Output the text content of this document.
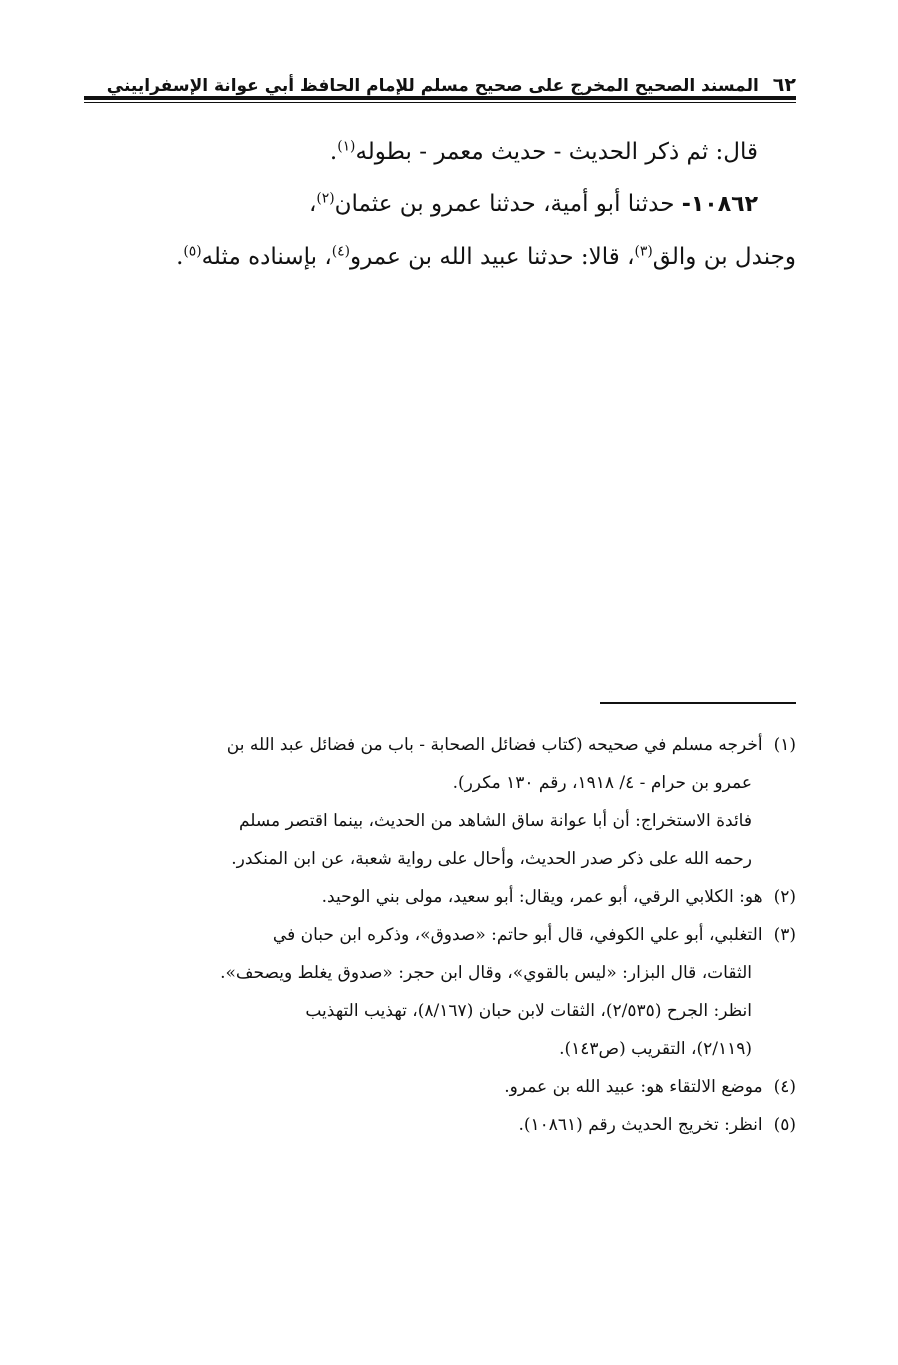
٦٢
المسند الصحيح المخرج على صحيح مسلم للإمام الحافظ أبي عوانة الإسفراييني

قال: ثم ذكر الحديث - حديث معمر - بطوله$^{(١)}$.

١٠٨٦٢- حدثنا أبو أمية، حدثنا عمرو بن عثمان$^{(٢)}$،

وجندل بن والق$^{(٣)}$، قالا: حدثنا عبيد الله بن عمرو$^{(٤)}$، بإسناده مثله$^{(٥)}$.

(١) أخرجه مسلم في صحيحه (كتاب فضائل الصحابة - باب من فضائل عبد الله بن

عمرو بن حرام - ٤/ ١٩١٨، رقم ١٣٠ مكرر).

فائدة الاستخراج: أن أبا عوانة ساق الشاهد من الحديث، بينما اقتصر مسلم

رحمه الله على ذكر صدر الحديث، وأحال على رواية شعبة، عن ابن المنكدر.

(٢) هو: الكلابي الرقي، أبو عمر، ويقال: أبو سعيد، مولى بني الوحيد.

(٣) التغلبي، أبو علي الكوفي، قال أبو حاتم: «صدوق»، وذكره ابن حبان في

الثقات، قال البزار: «ليس بالقوي»، وقال ابن حجر: «صدوق يغلط ويصحف».

انظر: الجرح (٢/٥٣٥)، الثقات لابن حبان (٨/١٦٧)، تهذيب التهذيب

(٢/١١٩)، التقريب (ص١٤٣).

(٤) موضع الالتقاء هو: عبيد الله بن عمرو.

(٥) انظر: تخريج الحديث رقم (١٠٨٦١).
